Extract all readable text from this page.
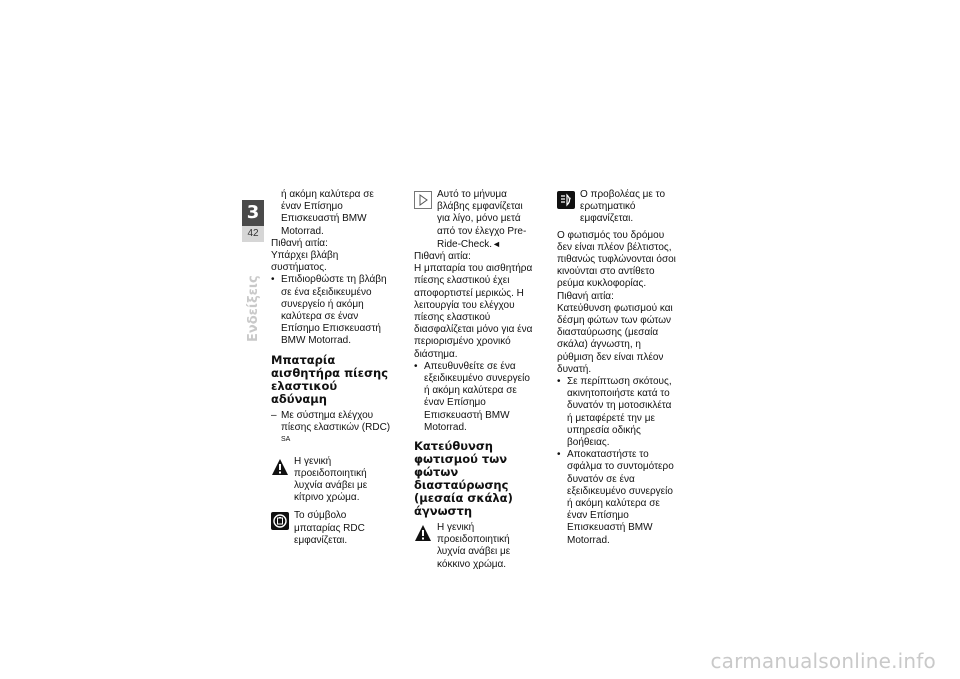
3
42
Ενδείξεις

ή ακόμη καλύτερα σε έναν Επίσημο Επισκευαστή BMW Motorrad.

Πιθανή αιτία:

Υπάρχει βλάβη συστήματος.

• Επιδιορθώστε τη βλάβη σε ένα εξειδικευμένο συνεργείο ή ακόμη καλύτερα σε έναν Επίσημο Επισκευαστή BMW Motorrad.
Μπαταρία αισθητήρα πίεσης ελαστικού αδύναμη
– Με σύστημα ελέγχου πίεσης ελαστικών (RDC) $^{SA}$

Η γενική προειδοποιητική λυχνία ανάβει με κίτρινο χρώμα.

Το σύμβολο μπαταρίας RDC εμφανίζεται.

Αυτό το μήνυμα βλάβης εμφανίζεται για λίγο, μόνο μετά από τον έλεγχο Pre-Ride-Check.◄

Πιθανή αιτία:

Η μπαταρία του αισθητήρα πίεσης ελαστικού έχει αποφορτιστεί μερικώς. Η λειτουργία του ελέγχου πίεσης ελαστικού διασφαλίζεται μόνο για ένα περιορισμένο χρονικό διάστημα.

• Απευθυνθείτε σε ένα εξειδικευμένο συνεργείο ή ακόμη καλύτερα σε έναν Επίσημο Επισκευαστή BMW Motorrad.
Κατεύθυνση φωτισμού των φώτων διασταύρωσης (μεσαία σκάλα) άγνωστη

Η γενική προειδοποιητική λυχνία ανάβει με κόκκινο χρώμα.

?

Ο προβολέας με το ερωτηματικό εμφανίζεται.

Ο φωτισμός του δρόμου δεν είναι πλέον βέλτιστος, πιθανώς τυφλώνονται όσοι κινούνται στο αντίθετο ρεύμα κυκλοφορίας.

Πιθανή αιτία:

Κατεύθυνση φωτισμού και δέσμη φώτων των φώτων διασταύρωσης (μεσαία σκάλα) άγνωστη, η ρύθμιση δεν είναι πλέον δυνατή.

• Σε περίπτωση σκότους, ακινητοποιήστε κατά το δυνατόν τη μοτοσικλέτα ή μεταφέρετέ την με υπηρεσία οδικής βοήθειας.
• Αποκαταστήστε το σφάλμα το συντομότερο δυνατόν σε ένα εξειδικευμένο συνεργείο ή ακόμη καλύτερα σε έναν Επίσημο Επισκευαστή BMW Motorrad.
carmanualsonline.info
